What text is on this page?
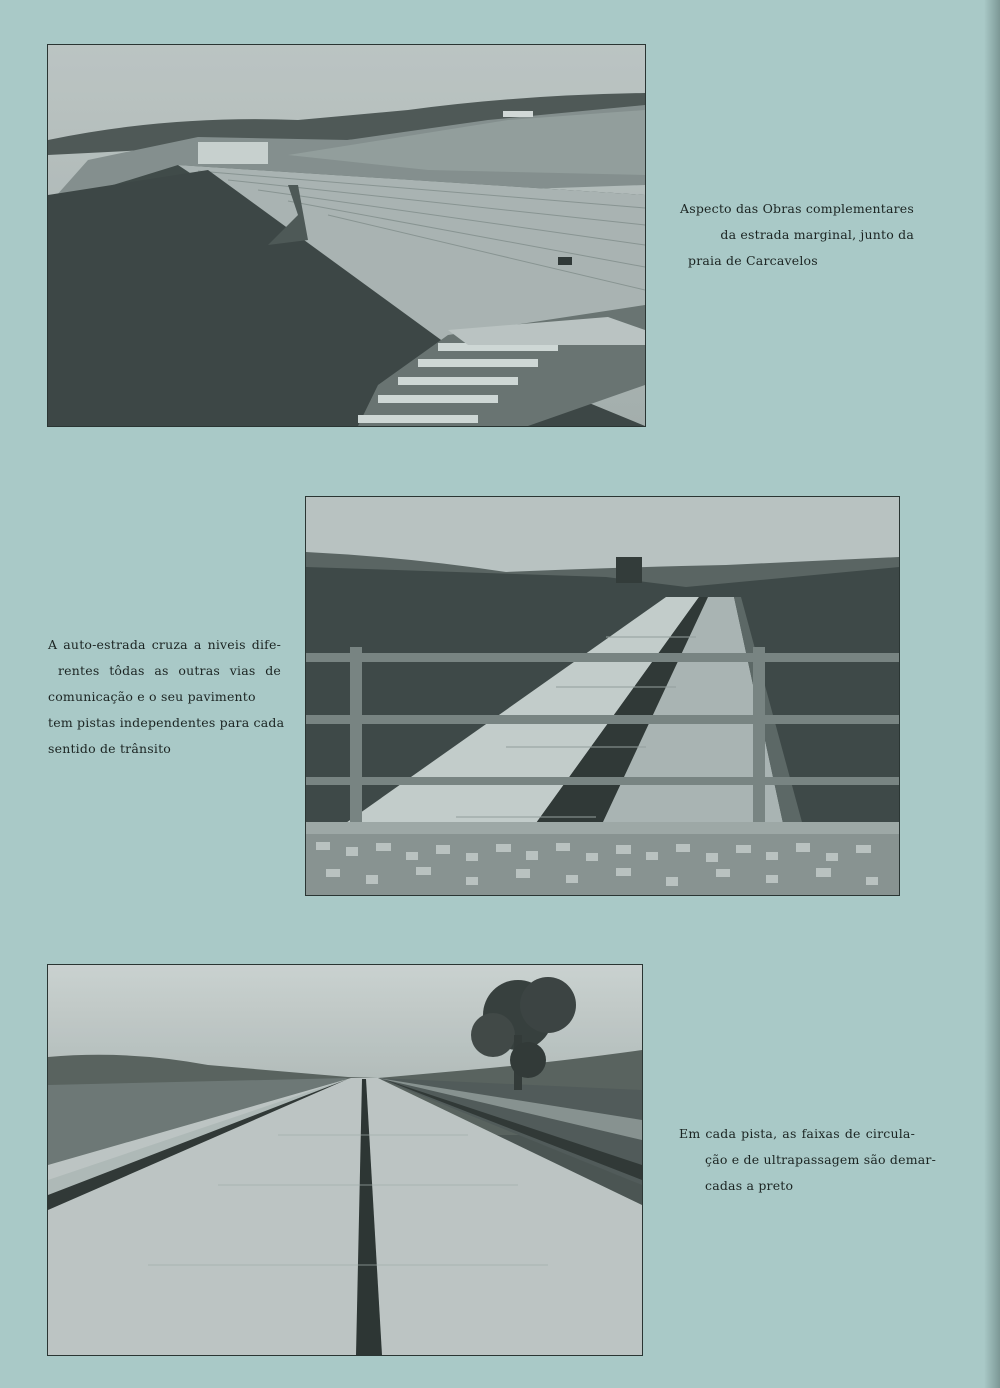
Aspecto das Obras complementares
da estrada marginal, junto da
praia de Carcavelos
A auto-estrada cruza a niveis dife-
rentes tôdas as outras vias de
comunicação e o seu pavimento
tem pistas independentes para cada
sentido de trânsito
Em cada pista, as faixas de circula-
ção e de ultrapassagem são demar-
cadas a preto
